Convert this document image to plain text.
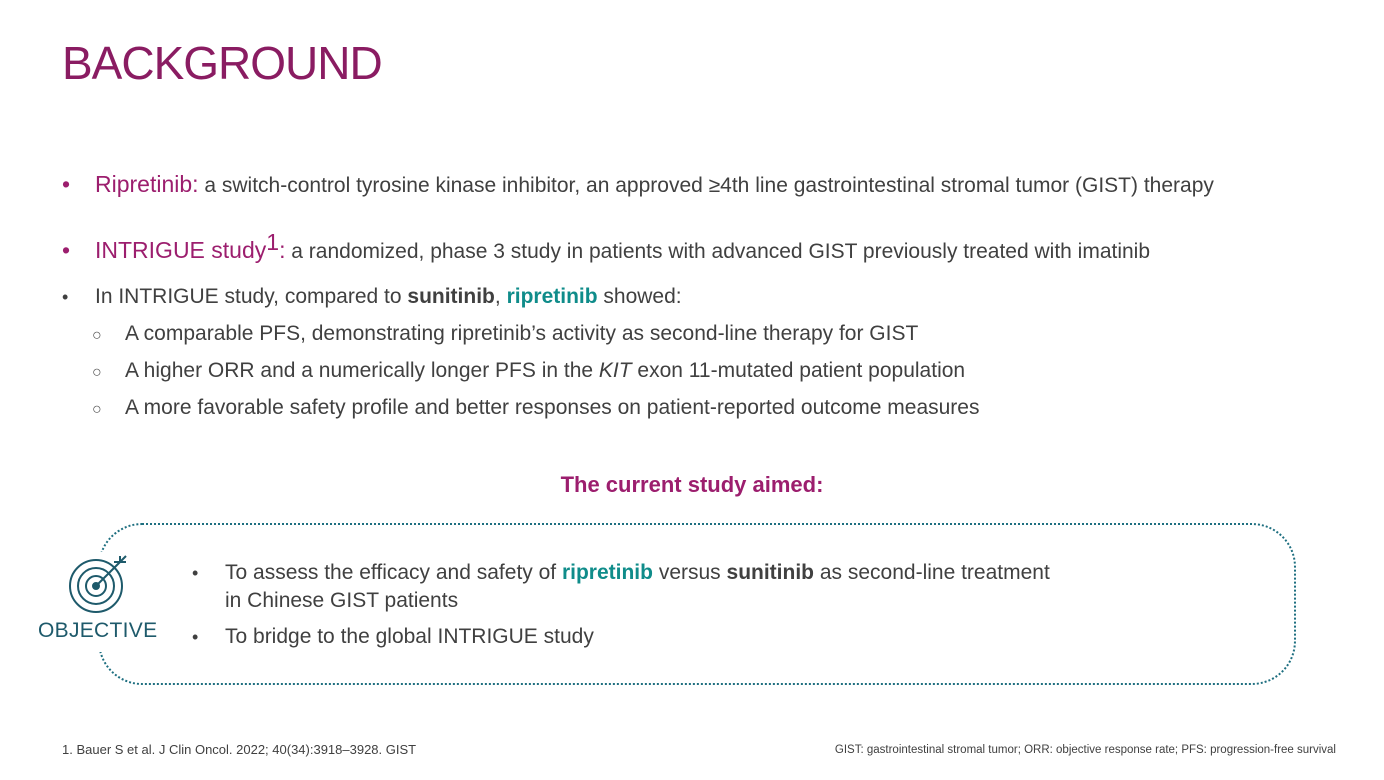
BACKGROUND
• Ripretinib: a switch-control tyrosine kinase inhibitor, an approved ≥4th line gastrointestinal stromal tumor (GIST) therapy
• INTRIGUE study$^1$: a randomized, phase 3 study in patients with advanced GIST previously treated with imatinib
• In INTRIGUE study, compared to sunitinib, ripretinib showed:
○ A comparable PFS, demonstrating ripretinib’s activity as second-line therapy for GIST
○ A higher ORR and a numerically longer PFS in the KIT exon 11-mutated patient population
○ A more favorable safety profile and better responses on patient-reported outcome measures
The current study aimed:
OBJECTIVE
• To assess the efficacy and safety of ripretinib versus sunitinib as second-line treatment
in Chinese GIST patients
• To bridge to the global INTRIGUE study
1. Bauer S et al. J Clin Oncol. 2022; 40(34):3918–3928. GIST	GIST: gastrointestinal stromal tumor; ORR: objective response rate; PFS: progression-free survival
